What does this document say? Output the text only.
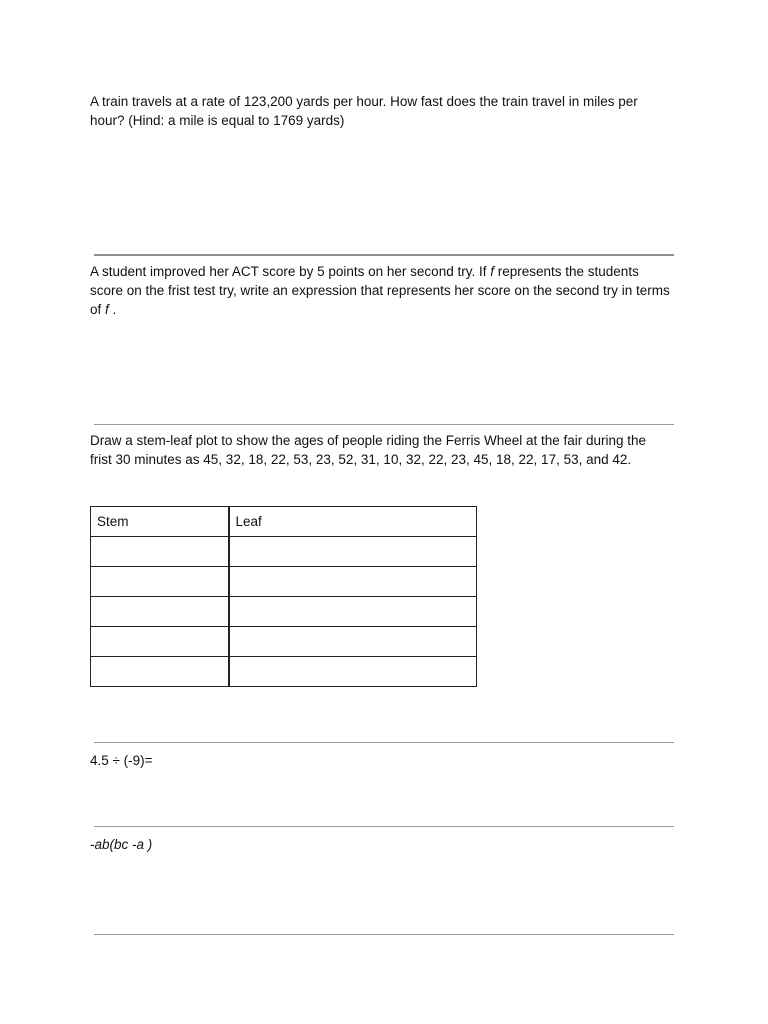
A train travels at a rate of 123,200 yards per hour. How fast does the train travel in miles per hour? (Hind: a mile is equal to 1769 yards)
A student improved her ACT score by 5 points on her second try. If f represents the students score on the frist test try, write an expression that represents her score on the second try in terms of f .
Draw a stem-leaf plot to show the ages of people riding the Ferris Wheel at the fair during the frist 30 minutes as 45, 32, 18, 22, 53, 23, 52, 31, 10, 32, 22, 23, 45, 18, 22, 17, 53, and 42.
Stem	Leaf

4.5 ÷ (-9)=
-ab(bc -a )
